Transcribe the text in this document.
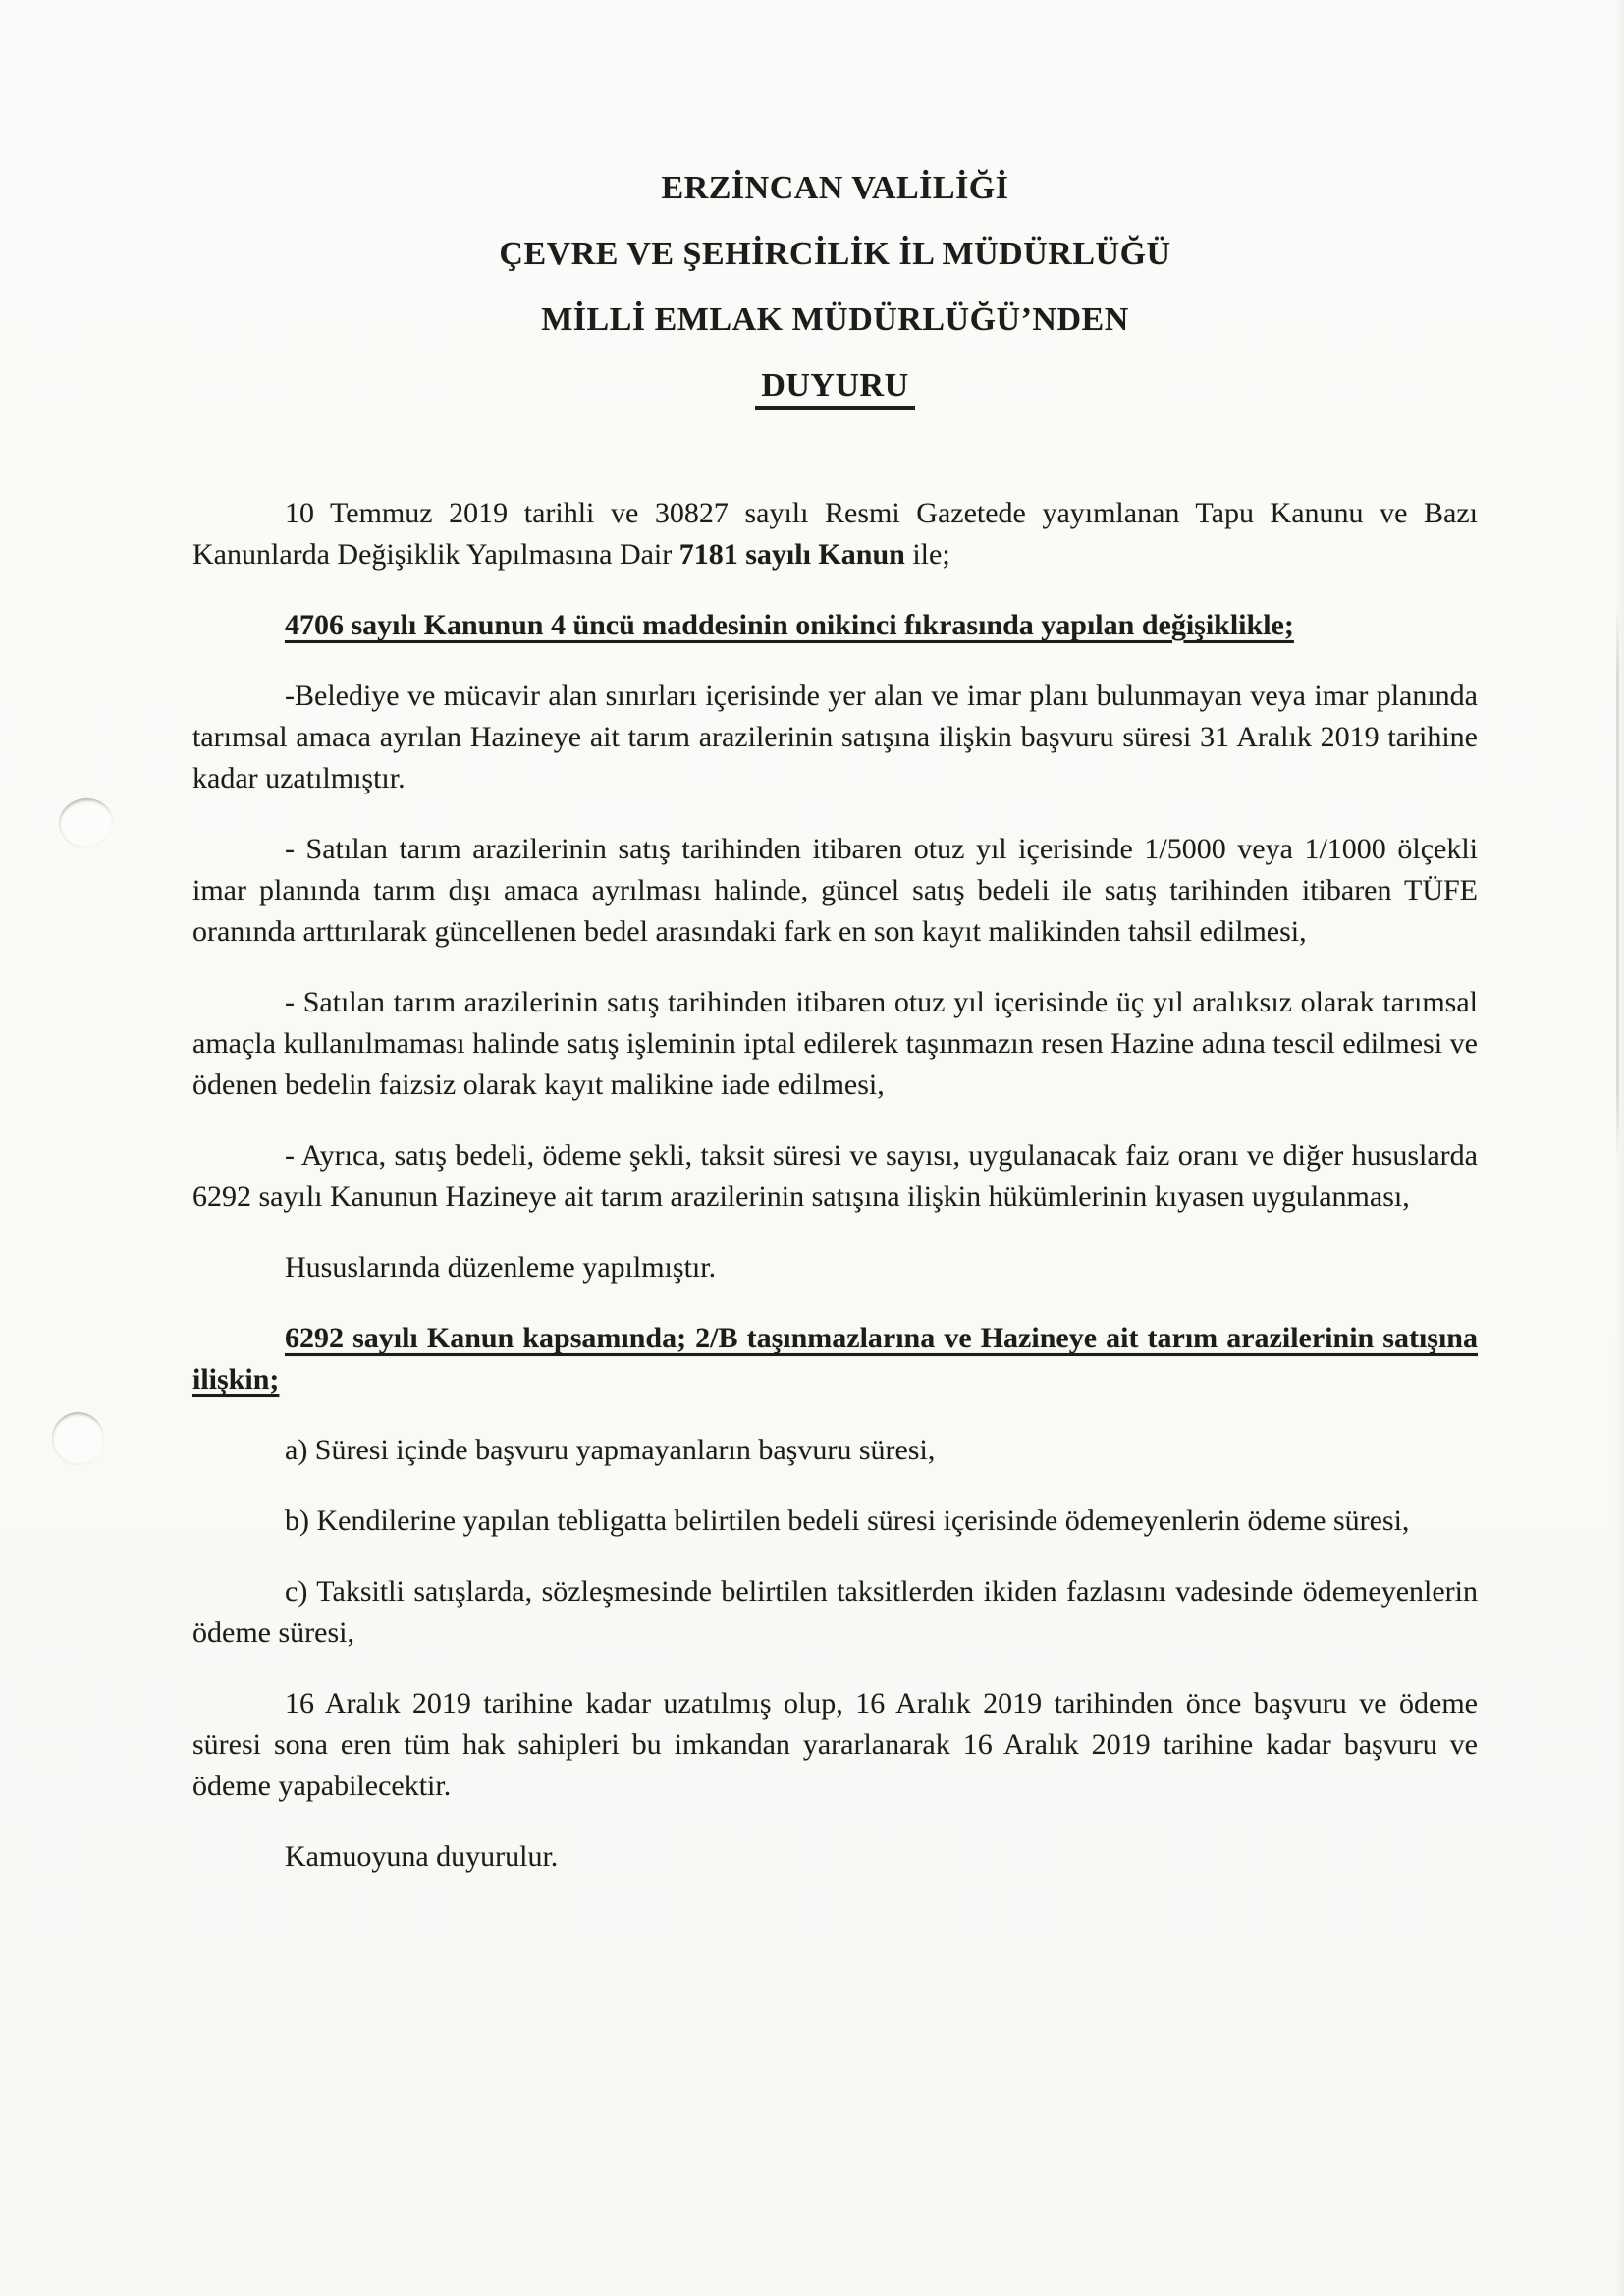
ERZİNCAN VALİLİĞİ
ÇEVRE VE ŞEHİRCİLİK İL MÜDÜRLÜĞÜ
MİLLİ EMLAK MÜDÜRLÜĞÜ’NDEN
DUYURU

10 Temmuz 2019 tarihli ve 30827 sayılı Resmi Gazetede yayımlanan Tapu Kanunu ve Bazı Kanunlarda Değişiklik Yapılmasına Dair 7181 sayılı Kanun ile;

4706 sayılı Kanunun 4 üncü maddesinin onikinci fıkrasında yapılan değişiklikle;

-Belediye ve mücavir alan sınırları içerisinde yer alan ve imar planı bulunmayan veya imar planında tarımsal amaca ayrılan Hazineye ait tarım arazilerinin satışına ilişkin başvuru süresi 31 Aralık 2019 tarihine kadar uzatılmıştır.

- Satılan tarım arazilerinin satış tarihinden itibaren otuz yıl içerisinde 1/5000 veya 1/1000 ölçekli imar planında tarım dışı amaca ayrılması halinde, güncel satış bedeli ile satış tarihinden itibaren TÜFE oranında arttırılarak güncellenen bedel arasındaki fark en son kayıt malikinden tahsil edilmesi,

- Satılan tarım arazilerinin satış tarihinden itibaren otuz yıl içerisinde üç yıl aralıksız olarak tarımsal amaçla kullanılmaması halinde satış işleminin iptal edilerek taşınmazın resen Hazine adına tescil edilmesi ve ödenen bedelin faizsiz olarak kayıt malikine iade edilmesi,

- Ayrıca, satış bedeli, ödeme şekli, taksit süresi ve sayısı, uygulanacak faiz oranı ve diğer hususlarda 6292 sayılı Kanunun Hazineye ait tarım arazilerinin satışına ilişkin hükümlerinin kıyasen uygulanması,

Hususlarında düzenleme yapılmıştır.

6292 sayılı Kanun kapsamında; 2/B taşınmazlarına ve Hazineye ait tarım arazilerinin satışına ilişkin;

a) Süresi içinde başvuru yapmayanların başvuru süresi,

b) Kendilerine yapılan tebligatta belirtilen bedeli süresi içerisinde ödemeyenlerin ödeme süresi,

c) Taksitli satışlarda, sözleşmesinde belirtilen taksitlerden ikiden fazlasını vadesinde ödemeyenlerin ödeme süresi,

16 Aralık 2019 tarihine kadar uzatılmış olup, 16 Aralık 2019 tarihinden önce başvuru ve ödeme süresi sona eren tüm hak sahipleri bu imkandan yararlanarak 16 Aralık 2019 tarihine kadar başvuru ve ödeme yapabilecektir.

Kamuoyuna duyurulur.
